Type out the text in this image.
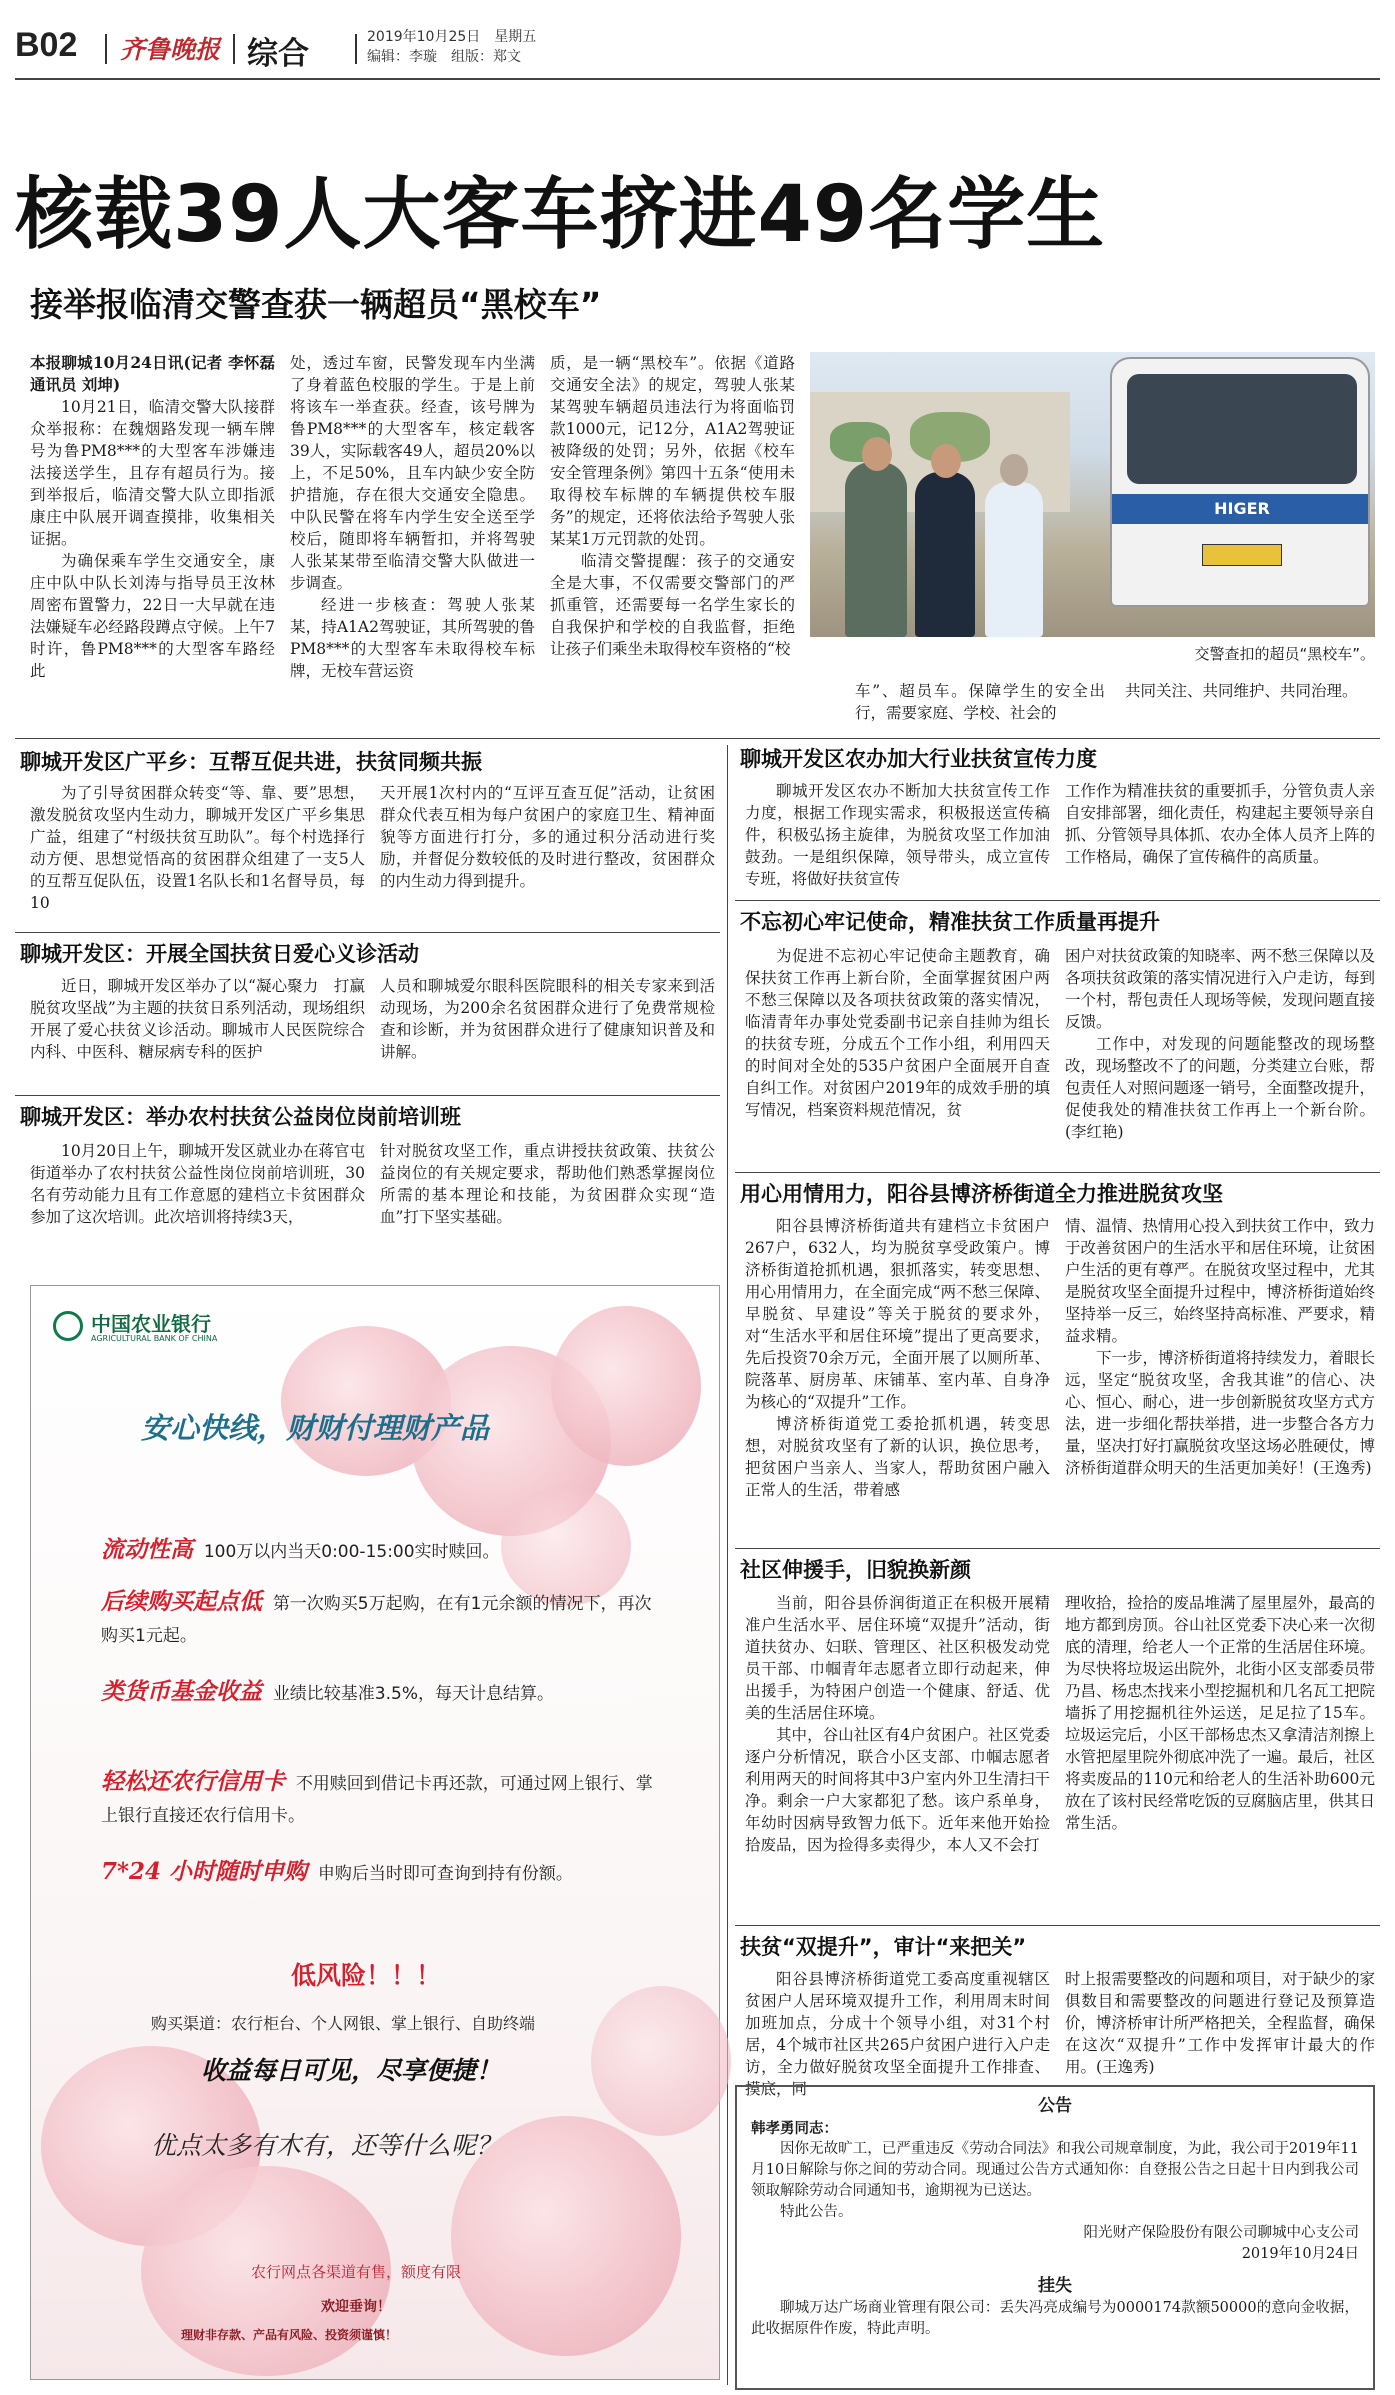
B02 齐鲁晚报 综合	2019年10月25日　星期五
编辑：李璇　组版：郑文
核载39人大客车挤进49名学生
接举报临清交警查获一辆超员“黑校车”

本报聊城10月24日讯(记者 李怀磊 通讯员 刘坤)

10月21日，临清交警大队接群众举报称：在魏烟路发现一辆车牌号为鲁PM8***的大型客车涉嫌违法接送学生，且存有超员行为。接到举报后，临清交警大队立即指派康庄中队展开调查摸排，收集相关证据。

为确保乘车学生交通安全，康庄中队中队长刘涛与指导员王汝林周密布置警力，22日一大早就在违法嫌疑车必经路段蹲点守候。上午7时许，鲁PM8***的大型客车路经此

处，透过车窗，民警发现车内坐满了身着蓝色校服的学生。于是上前将该车一举查获。经查，该号牌为鲁PM8***的大型客车，核定载客39人，实际载客49人，超员20%以上，不足50%，且车内缺少安全防护措施，存在很大交通安全隐患。中队民警在将车内学生安全送至学校后，随即将车辆暂扣，并将驾驶人张某某带至临清交警大队做进一步调查。

经进一步核查：驾驶人张某某，持A1A2驾驶证，其所驾驶的鲁PM8***的大型客车未取得校车标牌，无校车营运资

质，是一辆“黑校车”。依据《道路交通安全法》的规定，驾驶人张某某驾驶车辆超员违法行为将面临罚款1000元，记12分，A1A2驾驶证被降级的处罚；另外，依据《校车安全管理条例》第四十五条“使用未取得校车标牌的车辆提供校车服务”的规定，还将依法给予驾驶人张某某1万元罚款的处罚。

临清交警提醒：孩子的交通安全是大事，不仅需要交警部门的严抓重管，还需要每一名学生家长的自我保护和学校的自我监督，拒绝让孩子们乘坐未取得校车资格的“校

车”、超员车。保障学生的安全出行，需要家庭、学校、社会的

共同关注、共同维护、共同治理。

HIGER
交警查扣的超员“黑校车”。
聊城开发区广平乡：互帮互促共进，扶贫同频共振

为了引导贫困群众转变“等、靠、要”思想，激发脱贫攻坚内生动力，聊城开发区广平乡集思广益，组建了“村级扶贫互助队”。每个村选择行动方便、思想觉悟高的贫困群众组建了一支5人的互帮互促队伍，设置1名队长和1名督导员，每10

天开展1次村内的“互评互查互促”活动，让贫困群众代表互相为每户贫困户的家庭卫生、精神面貌等方面进行打分，多的通过积分活动进行奖励，并督促分数较低的及时进行整改，贫困群众的内生动力得到提升。

聊城开发区：开展全国扶贫日爱心义诊活动

近日，聊城开发区举办了以“凝心聚力　打赢脱贫攻坚战”为主题的扶贫日系列活动，现场组织开展了爱心扶贫义诊活动。聊城市人民医院综合内科、中医科、糖尿病专科的医护

人员和聊城爱尔眼科医院眼科的相关专家来到活动现场，为200余名贫困群众进行了免费常规检查和诊断，并为贫困群众进行了健康知识普及和讲解。

聊城开发区：举办农村扶贫公益岗位岗前培训班

10月20日上午，聊城开发区就业办在蒋官屯街道举办了农村扶贫公益性岗位岗前培训班，30名有劳动能力且有工作意愿的建档立卡贫困群众参加了这次培训。此次培训将持续3天，

针对脱贫攻坚工作，重点讲授扶贫政策、扶贫公益岗位的有关规定要求，帮助他们熟悉掌握岗位所需的基本理论和技能，为贫困群众实现“造血”打下坚实基础。

聊城开发区农办加大行业扶贫宣传力度

聊城开发区农办不断加大扶贫宣传工作力度，根据工作现实需求，积极报送宣传稿件，积极弘扬主旋律，为脱贫攻坚工作加油鼓劲。一是组织保障，领导带头，成立宣传专班，将做好扶贫宣传

工作作为精准扶贫的重要抓手，分管负责人亲自安排部署，细化责任，构建起主要领导亲自抓、分管领导具体抓、农办全体人员齐上阵的工作格局，确保了宣传稿件的高质量。

不忘初心牢记使命，精准扶贫工作质量再提升

为促进不忘初心牢记使命主题教育，确保扶贫工作再上新台阶，全面掌握贫困户两不愁三保障以及各项扶贫政策的落实情况，临清青年办事处党委副书记亲自挂帅为组长的扶贫专班，分成五个工作小组，利用四天的时间对全处的535户贫困户全面展开自查自纠工作。对贫困户2019年的成效手册的填写情况，档案资料规范情况，贫

困户对扶贫政策的知晓率、两不愁三保障以及各项扶贫政策的落实情况进行入户走访，每到一个村，帮包责任人现场等候，发现问题直接反馈。

工作中，对发现的问题能整改的现场整改，现场整改不了的问题，分类建立台账，帮包责任人对照问题逐一销号，全面整改提升，促使我处的精准扶贫工作再上一个新台阶。(李红艳)

用心用情用力，阳谷县博济桥街道全力推进脱贫攻坚

阳谷县博济桥街道共有建档立卡贫困户267户，632人，均为脱贫享受政策户。博济桥街道抢抓机遇，狠抓落实，转变思想、用心用情用力，在全面完成“两不愁三保障、早脱贫、早建设”等关于脱贫的要求外，对“生活水平和居住环境”提出了更高要求，先后投资70余万元，全面开展了以厕所革、院落革、厨房革、床铺革、室内革、自身净为核心的“双提升”工作。

博济桥街道党工委抢抓机遇，转变思想，对脱贫攻坚有了新的认识，换位思考，把贫困户当亲人、当家人，帮助贫困户融入正常人的生活，带着感

情、温情、热情用心投入到扶贫工作中，致力于改善贫困户的生活水平和居住环境，让贫困户生活的更有尊严。在脱贫攻坚过程中，尤其是脱贫攻坚全面提升过程中，博济桥街道始终坚持举一反三，始终坚持高标准、严要求，精益求精。

下一步，博济桥街道将持续发力，着眼长远，坚定“脱贫攻坚，舍我其谁”的信心、决心、恒心、耐心，进一步创新脱贫攻坚方式方法，进一步细化帮扶举措，进一步整合各方力量，坚决打好打赢脱贫攻坚这场必胜硬仗，博济桥街道群众明天的生活更加美好！(王逸秀)

社区伸援手，旧貌换新颜

当前，阳谷县侨润街道正在积极开展精准户生活水平、居住环境“双提升”活动，街道扶贫办、妇联、管理区、社区积极发动党员干部、巾帼青年志愿者立即行动起来，伸出援手，为特困户创造一个健康、舒适、优美的生活居住环境。

其中，谷山社区有4户贫困户。社区党委逐户分析情况，联合小区支部、巾帼志愿者利用两天的时间将其中3户室内外卫生清扫干净。剩余一户大家都犯了愁。该户系单身，年幼时因病导致智力低下。近年来他开始捡拾废品，因为捡得多卖得少，本人又不会打

理收拾，捡拾的废品堆满了屋里屋外，最高的地方都到房顶。谷山社区党委下决心来一次彻底的清理，给老人一个正常的生活居住环境。为尽快将垃圾运出院外，北街小区支部委员带乃昌、杨忠杰找来小型挖掘机和几名瓦工把院墙拆了用挖掘机往外运送，足足拉了15车。垃圾运完后，小区干部杨忠杰又拿清洁剂擦上水管把屋里院外彻底冲洗了一遍。最后，社区将卖废品的110元和给老人的生活补助600元放在了该村民经常吃饭的豆腐脑店里，供其日常生活。

扶贫“双提升”，审计“来把关”

阳谷县博济桥街道党工委高度重视辖区贫困户人居环境双提升工作，利用周末时间加班加点，分成十个领导小组，对31个村居，4个城市社区共265户贫困户进行入户走访，全力做好脱贫攻坚全面提升工作排查、摸底，同

时上报需要整改的问题和项目，对于缺少的家俱数目和需要整改的问题进行登记及预算造价，博济桥审计所严格把关，全程监督，确保在这次“双提升”工作中发挥审计最大的作用。(王逸秀)

中国农业银行
AGRICULTURAL BANK OF CHINA
安心快线，财财付理财产品
流动性高 100万以内当天0:00-15:00实时赎回。
后续购买起点低 第一次购买5万起购，在有1元余额的情况下，再次购买1元起。
类货币基金收益 业绩比较基准3.5%，每天计息结算。
轻松还农行信用卡 不用赎回到借记卡再还款，可通过网上银行、掌上银行直接还农行信用卡。
7*24 小时随时申购 申购后当时即可查询到持有份额。
低风险！！！
购买渠道：农行柜台、个人网银、掌上银行、自助终端
收益每日可见，尽享便捷！
优点太多有木有，还等什么呢？
农行网点各渠道有售，额度有限
欢迎垂询！
理财非存款、产品有风险、投资须谨慎！
公告

韩孝勇同志：

因你无故旷工，已严重违反《劳动合同法》和我公司规章制度，为此，我公司于2019年11月10日解除与你之间的劳动合同。现通过公告方式通知你：自登报公告之日起十日内到我公司领取解除劳动合同通知书，逾期视为已送达。

特此公告。

阳光财产保险股份有限公司聊城中心支公司

2019年10月24日

挂失

聊城万达广场商业管理有限公司：丢失冯亮成编号为0000174款额50000的意向金收据，此收据原件作废，特此声明。
